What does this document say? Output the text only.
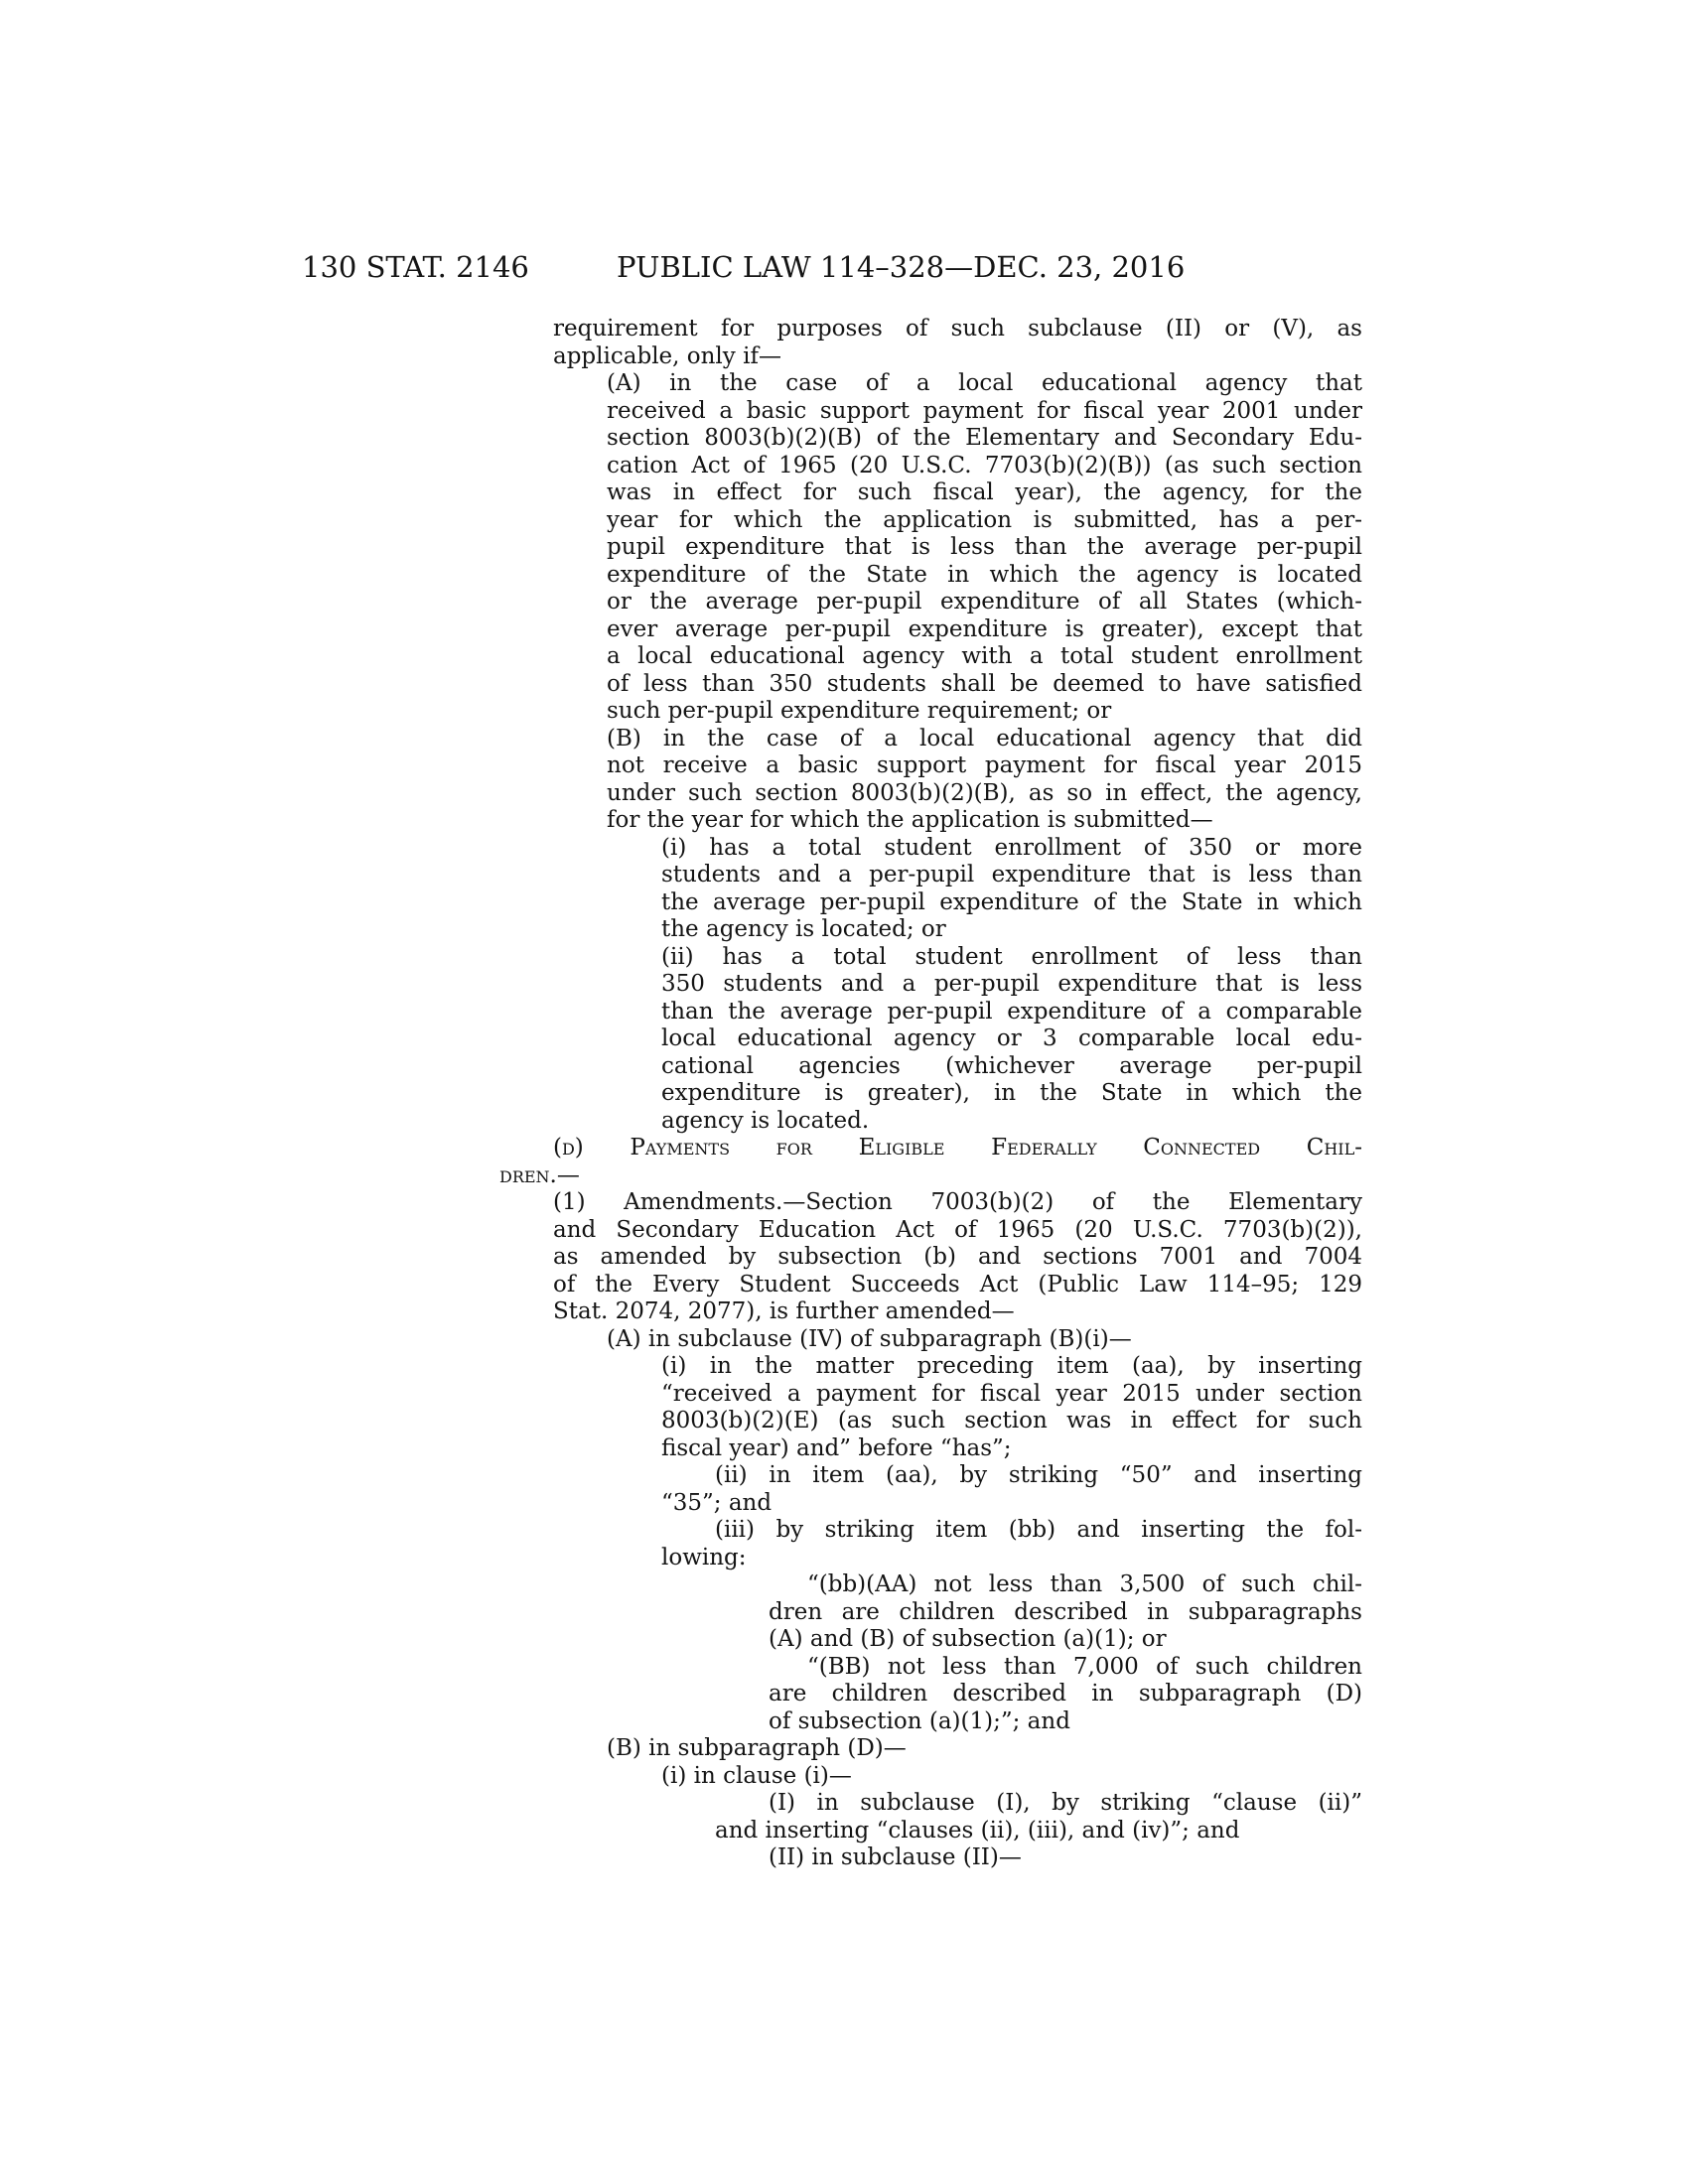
130 STAT. 2146	PUBLIC LAW 114–328—DEC. 23, 2016
requirement for purposes of such subclause (II) or (V), as
applicable, only if—
(A) in the case of a local educational agency that
received a basic support payment for fiscal year 2001 under
section 8003(b)(2)(B) of the Elementary and Secondary Edu-
cation Act of 1965 (20 U.S.C. 7703(b)(2)(B)) (as such section
was in effect for such fiscal year), the agency, for the
year for which the application is submitted, has a per-
pupil expenditure that is less than the average per-pupil
expenditure of the State in which the agency is located
or the average per-pupil expenditure of all States (which-
ever average per-pupil expenditure is greater), except that
a local educational agency with a total student enrollment
of less than 350 students shall be deemed to have satisfied
such per-pupil expenditure requirement; or
(B) in the case of a local educational agency that did
not receive a basic support payment for fiscal year 2015
under such section 8003(b)(2)(B), as so in effect, the agency,
for the year for which the application is submitted—
(i) has a total student enrollment of 350 or more
students and a per-pupil expenditure that is less than
the average per-pupil expenditure of the State in which
the agency is located; or
(ii) has a total student enrollment of less than
350 students and a per-pupil expenditure that is less
than the average per-pupil expenditure of a comparable
local educational agency or 3 comparable local edu-
cational agencies (whichever average per-pupil
expenditure is greater), in the State in which the
agency is located.
(d) Payments for Eligible Federally Connected Chil-
dren.—
(1) Amendments.—Section 7003(b)(2) of the Elementary
and Secondary Education Act of 1965 (20 U.S.C. 7703(b)(2)),
as amended by subsection (b) and sections 7001 and 7004
of the Every Student Succeeds Act (Public Law 114–95; 129
Stat. 2074, 2077), is further amended—
(A) in subclause (IV) of subparagraph (B)(i)—
(i) in the matter preceding item (aa), by inserting
“received a payment for fiscal year 2015 under section
8003(b)(2)(E) (as such section was in effect for such
fiscal year) and” before “has”;
(ii) in item (aa), by striking “50” and inserting
“35”; and
(iii) by striking item (bb) and inserting the fol-
lowing:
“(bb)(AA) not less than 3,500 of such chil-
dren are children described in subparagraphs
(A) and (B) of subsection (a)(1); or
“(BB) not less than 7,000 of such children
are children described in subparagraph (D)
of subsection (a)(1);”; and
(B) in subparagraph (D)—
(i) in clause (i)—
(I) in subclause (I), by striking “clause (ii)”
and inserting “clauses (ii), (iii), and (iv)”; and
(II) in subclause (II)—
